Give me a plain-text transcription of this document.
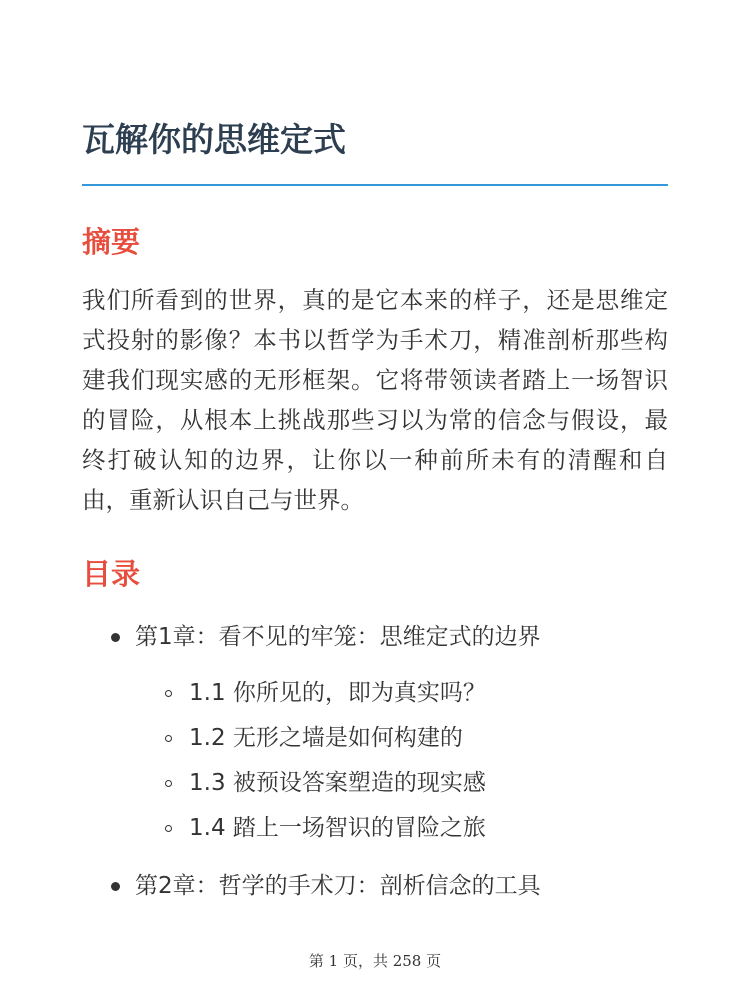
瓦解你的思维定式
摘要

我们所看到的世界，真的是它本来的样子，还是思维定式投射的影像？本书以哲学为手术刀，精准剖析那些构建我们现实感的无形框架。它将带领读者踏上一场智识的冒险，从根本上挑战那些习以为常的信念与假设，最终打破认知的边界，让你以一种前所未有的清醒和自由，重新认识自己与世界。

目录

第1章：看不见的牢笼：思维定式的边界

1.1 你所见的，即为真实吗？

1.2 无形之墙是如何构建的

1.3 被预设答案塑造的现实感

1.4 踏上一场智识的冒险之旅

第2章：哲学的手术刀：剖析信念的工具

第 1 页，共 258 页
